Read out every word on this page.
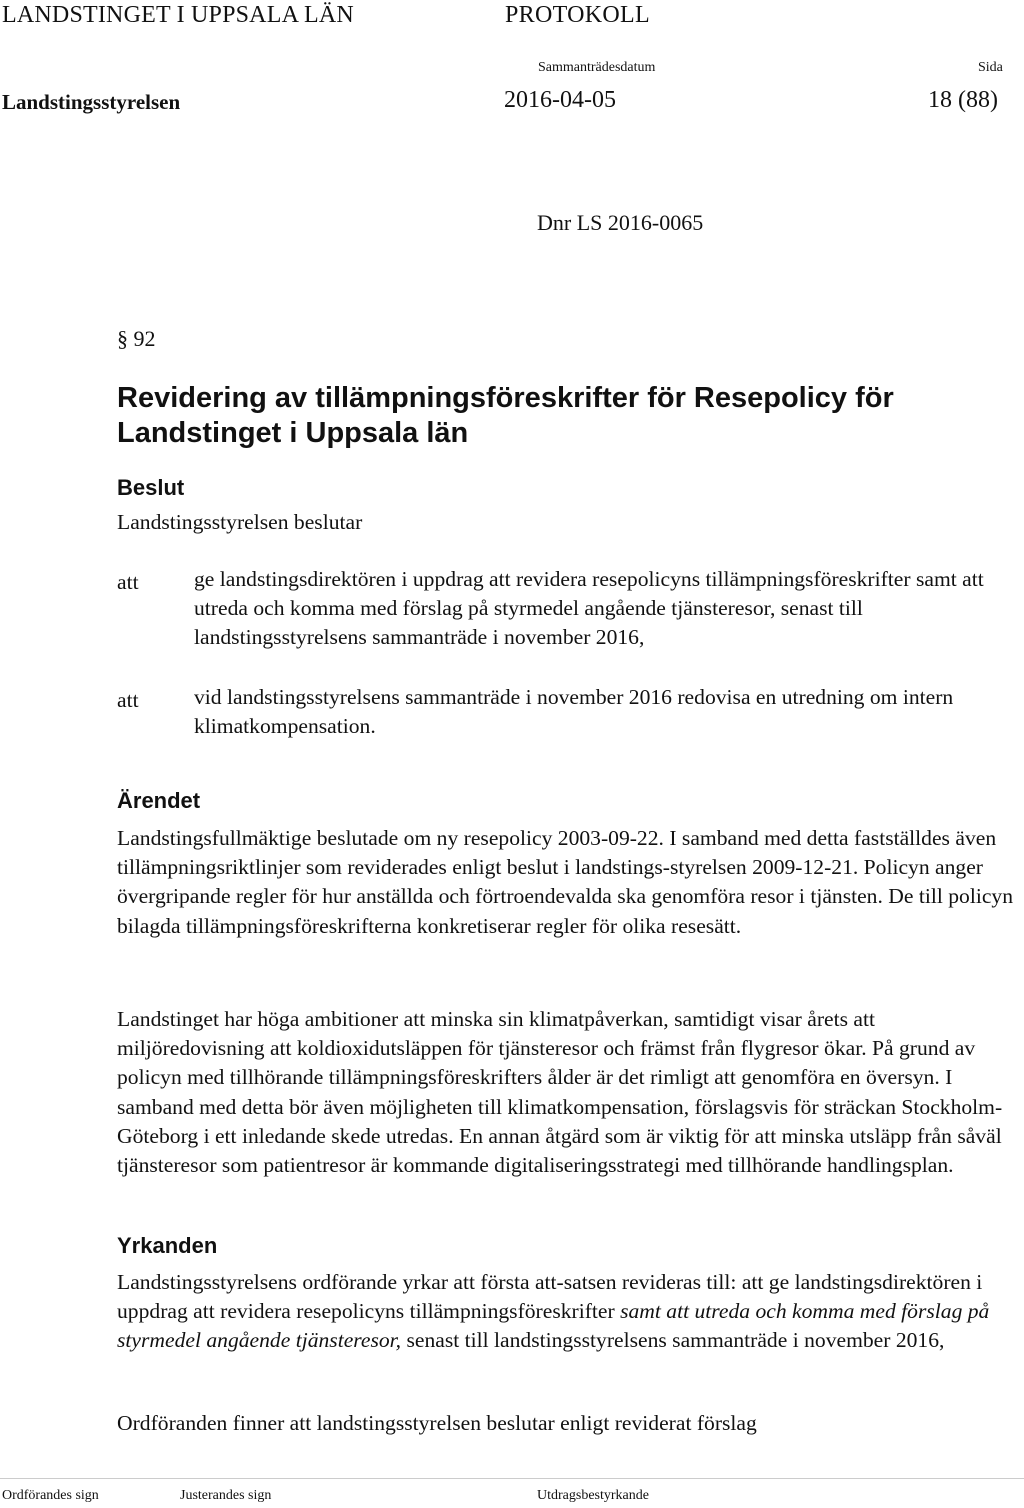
LANDSTINGET I UPPSALA LÄN	PROTOKOLL
Sammanträdesdatum	Sida
Landstingsstyrelsen	2016-04-05	18 (88)
Dnr LS 2016-0065
§ 92
Revidering av tillämpningsföreskrifter för Resepolicy för Landstinget i Uppsala län
Beslut
Landstingsstyrelsen beslutar
att	ge landstingsdirektören i uppdrag att revidera resepolicyns tillämpningsföreskrifter samt att utreda och komma med förslag på styrmedel angående tjänsteresor, senast till landstingsstyrelsens sammanträde i november 2016,
att	vid landstingsstyrelsens sammanträde i november 2016 redovisa en utredning om intern klimatkompensation.
Ärendet
Landstingsfullmäktige beslutade om ny resepolicy 2003-09-22. I samband med detta fastställdes även tillämpningsriktlinjer som reviderades enligt beslut i landstings-styrelsen 2009-12-21. Policyn anger övergripande regler för hur anställda och förtroendevalda ska genomföra resor i tjänsten. De till policyn bilagda tillämpningsföreskrifterna konkretiserar regler för olika resesätt.
Landstinget har höga ambitioner att minska sin klimatpåverkan, samtidigt visar årets att miljöredovisning att koldioxidutsläppen för tjänsteresor och främst från flygresor ökar. På grund av policyn med tillhörande tillämpningsföreskrifters ålder är det rimligt att genomföra en översyn. I samband med detta bör även möjligheten till klimatkompensation, förslagsvis för sträckan Stockholm-Göteborg i ett inledande skede utredas. En annan åtgärd som är viktig för att minska utsläpp från såväl tjänsteresor som patientresor är kommande digitaliseringsstrategi med tillhörande handlingsplan.
Yrkanden
Landstingsstyrelsens ordförande yrkar att första att-satsen revideras till: att ge landstingsdirektören i uppdrag att revidera resepolicyns tillämpningsföreskrifter samt att utreda och komma med förslag på styrmedel angående tjänsteresor, senast till landstingsstyrelsens sammanträde i november 2016,
Ordföranden finner att landstingsstyrelsen beslutar enligt reviderat förslag
Ordförandes sign	Justerandes sign	Utdragsbestyrkande
